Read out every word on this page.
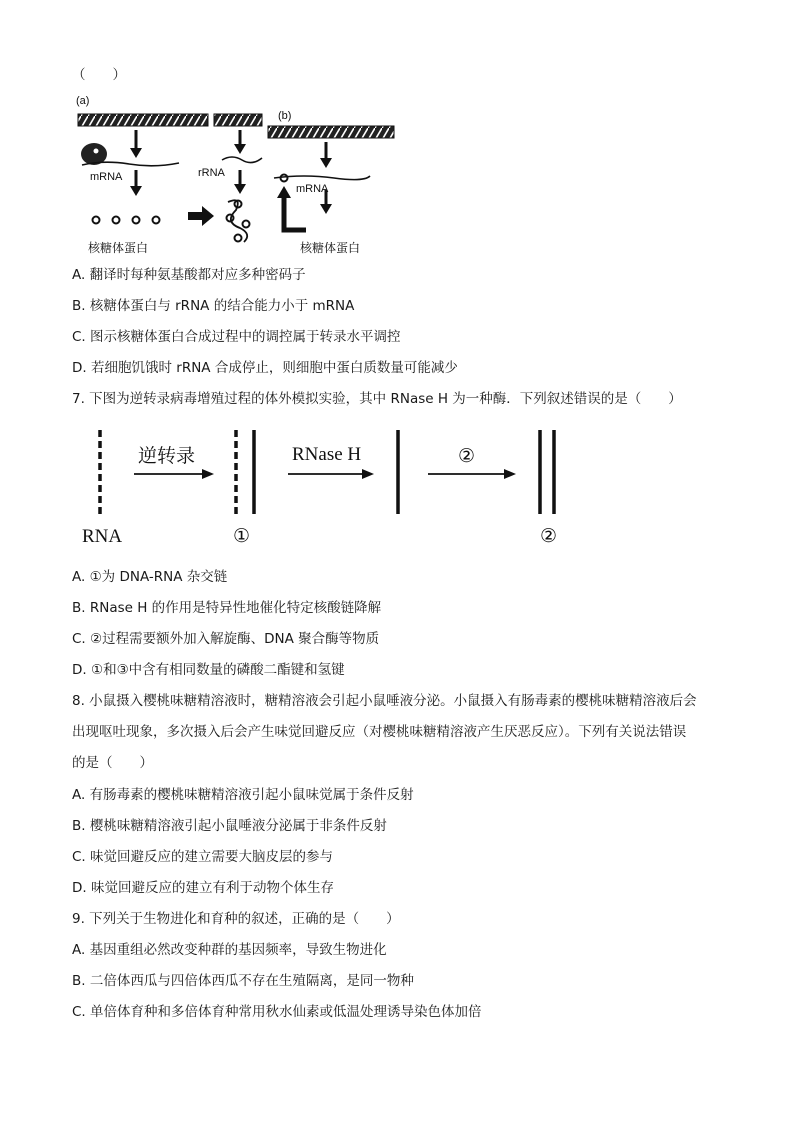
（　　）
(a)
(b)
mRNA
核糖体蛋白
rRNA
mRNA
核糖体蛋白
A. 翻译时每种氨基酸都对应多种密码子
B. 核糖体蛋白与 rRNA 的结合能力小于 mRNA
C. 图示核糖体蛋白合成过程中的调控属于转录水平调控
D. 若细胞饥饿时 rRNA 合成停止，则细胞中蛋白质数量可能减少
7. 下图为逆转录病毒增殖过程的体外模拟实验，其中 RNase H 为一种酶．下列叙述错误的是（　　）
RNA
逆转录
①
RNase H	②
②
A. ①为 DNA-RNA 杂交链
B. RNase H 的作用是特异性地催化特定核酸链降解
C. ②过程需要额外加入解旋酶、DNA 聚合酶等物质
D. ①和③中含有相同数量的磷酸二酯键和氢键
8. 小鼠摄入樱桃味糖精溶液时，糖精溶液会引起小鼠唾液分泌。小鼠摄入有肠毒素的樱桃味糖精溶液后会
出现呕吐现象，多次摄入后会产生味觉回避反应（对樱桃味糖精溶液产生厌恶反应）。下列有关说法错误
的是（　　）
A. 有肠毒素的樱桃味糖精溶液引起小鼠味觉属于条件反射
B. 樱桃味糖精溶液引起小鼠唾液分泌属于非条件反射
C. 味觉回避反应的建立需要大脑皮层的参与
D. 味觉回避反应的建立有利于动物个体生存
9. 下列关于生物进化和育种的叙述，正确的是（　　）
A. 基因重组必然改变种群的基因频率，导致生物进化
B. 二倍体西瓜与四倍体西瓜不存在生殖隔离，是同一物种
C. 单倍体育种和多倍体育种常用秋水仙素或低温处理诱导染色体加倍
